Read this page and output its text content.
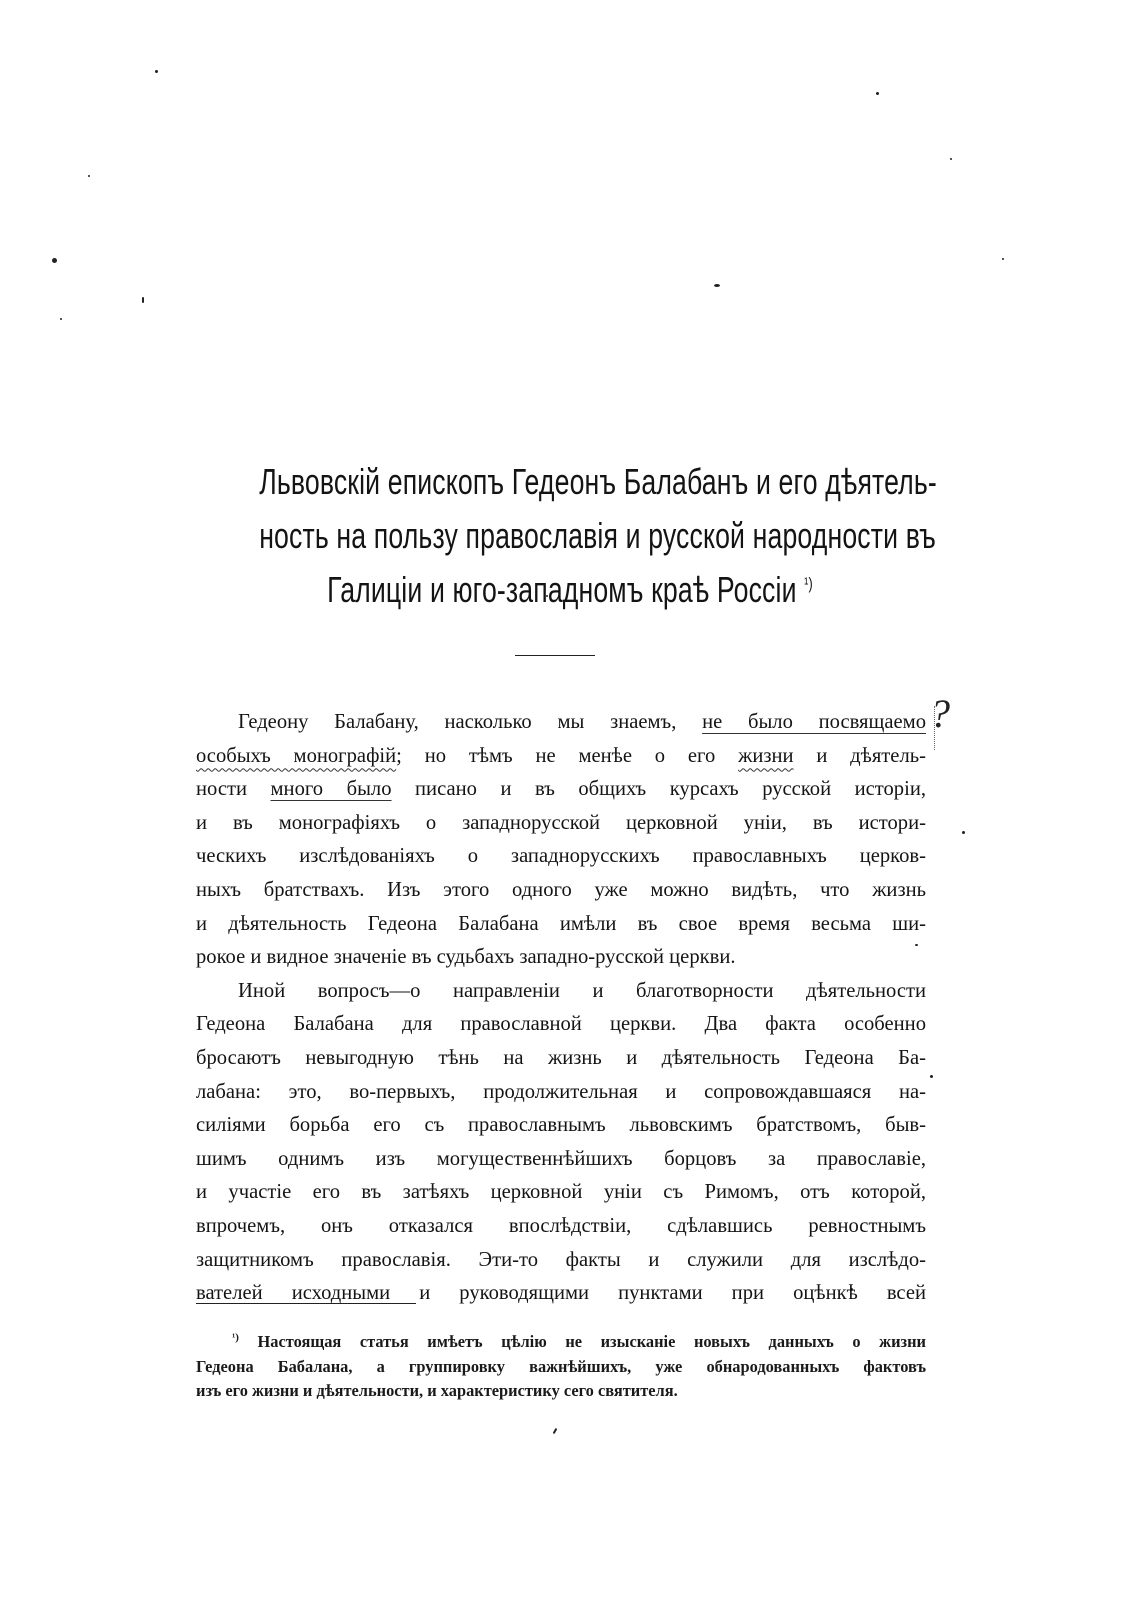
Львовскій епископъ Гедеонъ Балабанъ и его дѣятель-
ность на пользу православія и русской народности въ
Галиціи и юго-западномъ краѣ Россіи $^{^1)}$
Гедеону Балабану, насколько мы знаемъ, не было посвящаемо
особыхъ монографій; но тѣмъ не менѣе о его жизни и дѣятель-
ности много было писано и въ общихъ курсахъ русской исторіи,
и въ монографіяхъ о западнорусской церковной уніи, въ истори-
ческихъ изслѣдованіяхъ о западнорусскихъ православныхъ церков-
ныхъ братствахъ. Изъ этого одного уже можно видѣть, что жизнь
и дѣятельность Гедеона Балабана имѣли въ свое время весьма ши-
рокое и видное значеніе въ судьбахъ западно-русской церкви.
Иной вопросъ—о направленіи и благотворности дѣятельности
Гедеона Балабана для православной церкви. Два факта особенно
бросаютъ невыгодную тѣнь на жизнь и дѣятельность Гедеона Ба-
лабана: это, во-первыхъ, продолжительная и сопровождавшаяся на-
силіями борьба его съ православнымъ львовскимъ братствомъ, быв-
шимъ однимъ изъ могущественнѣйшихъ борцовъ за православіе,
и участіе его въ затѣяхъ церковной уніи съ Римомъ, отъ которой,
впрочемъ, онъ отказался впослѣдствіи, сдѣлавшись ревностнымъ
защитникомъ православія. Эти-то факты и служили для изслѣдо-
вателей исходными и руководящими пунктами при оцѣнкѣ всей
?
$^{^1)}$ Настоящая статья имѣетъ цѣлію не изысканіе новыхъ данныхъ о жизни
Гедеона Бабалана, а группировку важнѣйшихъ, уже обнародованныхъ фактовъ
изъ его жизни и дѣятельности, и характеристику сего святителя.
